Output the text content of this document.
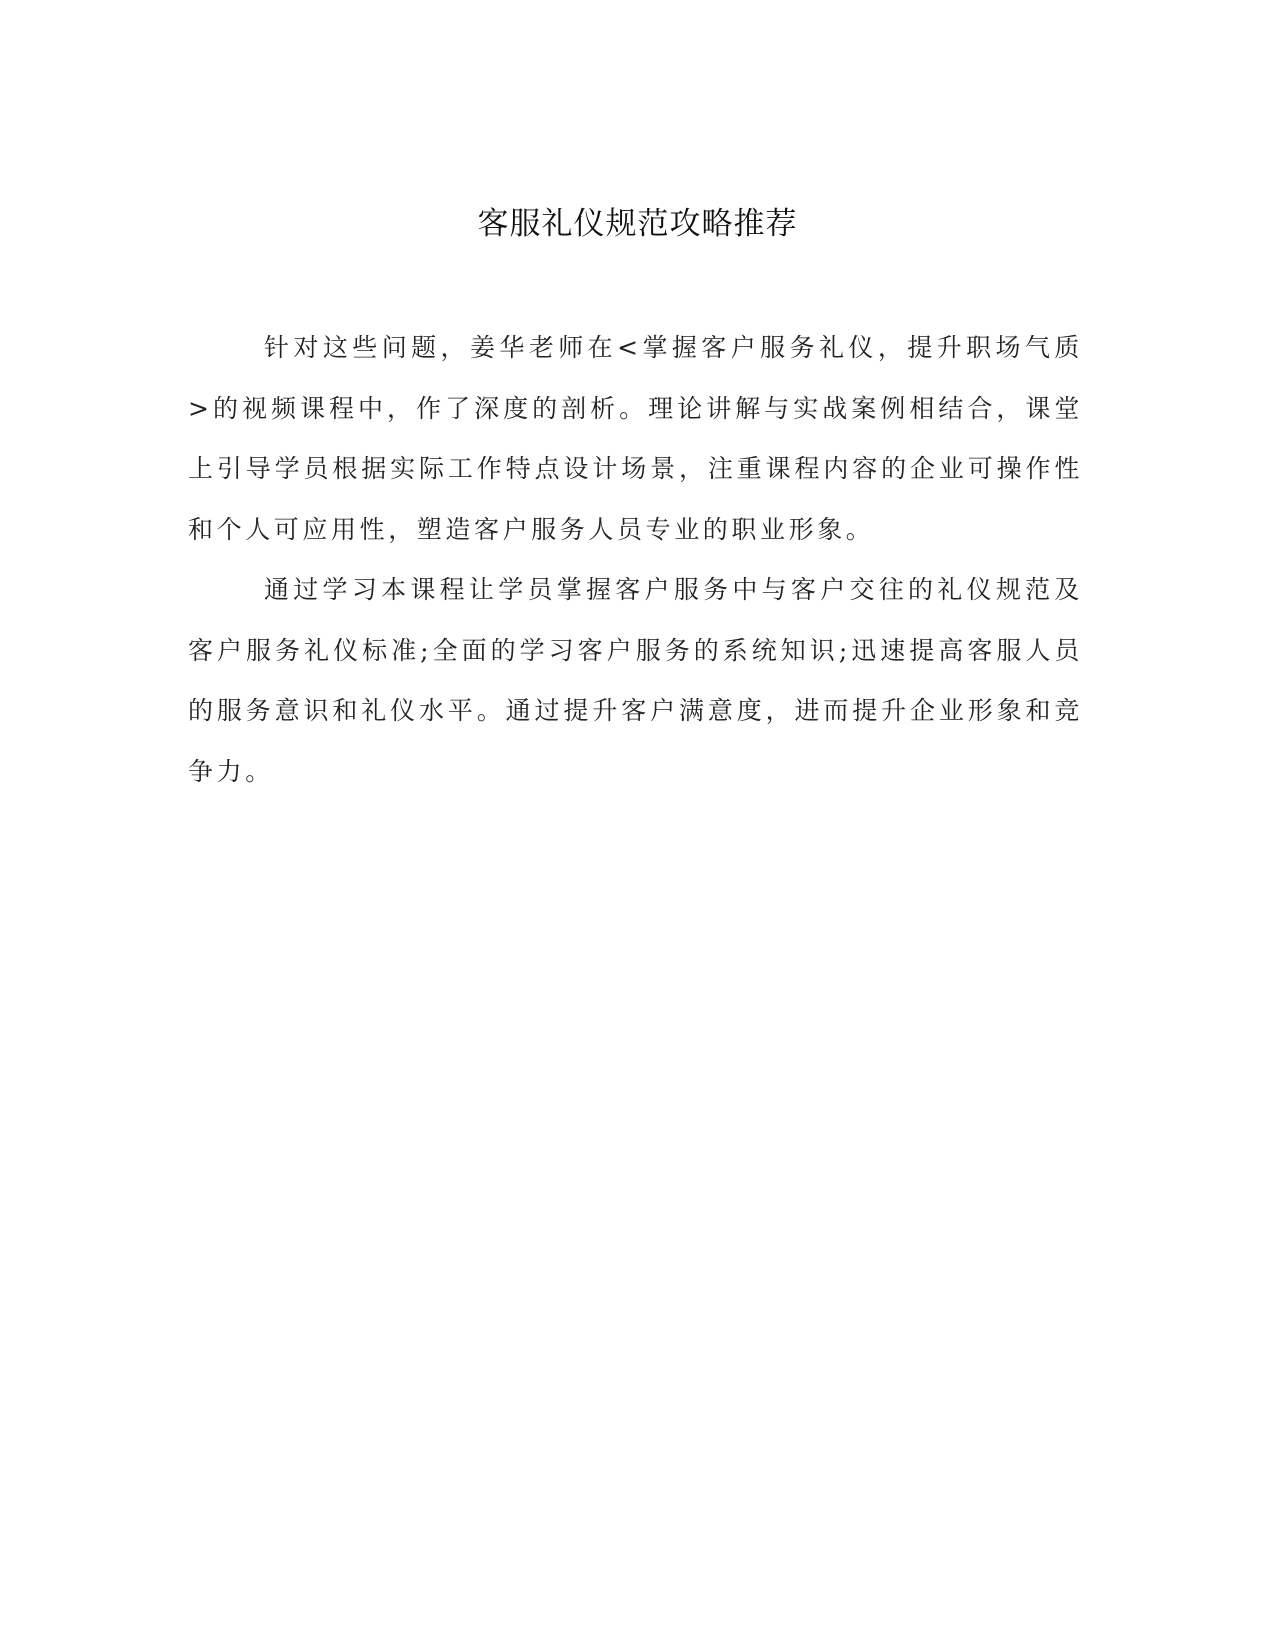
客服礼仪规范攻略推荐

针对这些问题，姜华老师在<掌握客户服务礼仪，提升职场气质>的视频课程中，作了深度的剖析。理论讲解与实战案例相结合，课堂上引导学员根据实际工作特点设计场景，注重课程内容的企业可操作性和个人可应用性，塑造客户服务人员专业的职业形象。

通过学习本课程让学员掌握客户服务中与客户交往的礼仪规范及客户服务礼仪标准;全面的学习客户服务的系统知识;迅速提高客服人员的服务意识和礼仪水平。通过提升客户满意度，进而提升企业形象和竞争力。
